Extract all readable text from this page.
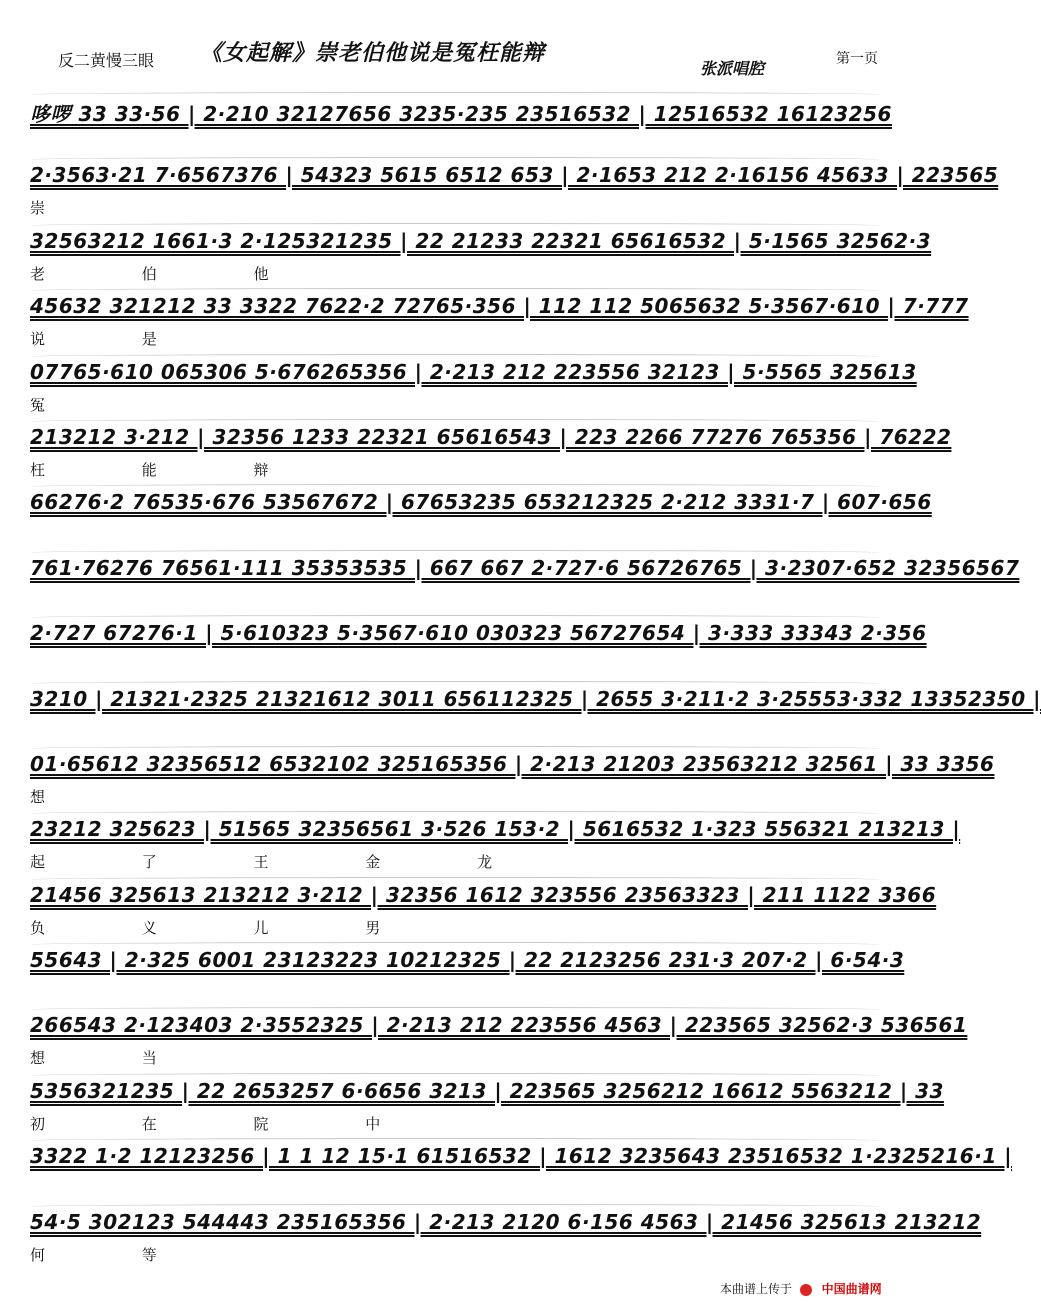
反二黄慢三眼 《女起解》崇老伯他说是冤枉能辩
张派唱腔	第一页
哆啰 33 33·56 | 2·210 32127656 3235·235 23516532 | 12516532 16123256
2·3563·21 7·6567376 | 54323 5615 6512 653 | 2·1653 212 2·16156 45633 | 223565
崇
32563212 1661·3 2·125321235 | 22 21233 22321 65616532 | 5·1565 32562·3
老 伯 他
45632 321212 33 3322 7622·2 72765·356 | 112 112 5065632 5·3567·610 | 7·777
说 是
07765·610 065306 5·676265356 | 2·213 212 223556 32123 | 5·5565 325613
冤
213212 3·212 | 32356 1233 22321 65616543 | 223 2266 77276 765356 | 76222
枉 能 辩
66276·2 76535·676 53567672 | 67653235 653212325 2·212 3331·7 | 607·656
761·76276 76561·111 35353535 | 667 667 2·727·6 56726765 | 3·2307·652 32356567
2·727 67276·1 | 5·610323 5·3567·610 030323 56727654 | 3·333 33343 2·356
3210 | 21321·2325 21321612 3011 656112325 | 2655 3·211·2 3·25553·332 13352350 |
01·65612 32356512 6532102 325165356 | 2·213 21203 23563212 32561 | 33 3356
想
23212 325623 | 51565 32356561 3·526 153·2 | 5616532 1·323 556321 213213 |
起 了 王 金 龙
21456 325613 213212 3·212 | 32356 1612 323556 23563323 | 211 1122 3366
负 义 儿 男
55643 | 2·325 6001 23123223 10212325 | 22 2123256 231·3 207·2 | 6·54·3
266543 2·123403 2·3552325 | 2·213 212 223556 4563 | 223565 32562·3 536561
想 当
5356321235 | 22 2653257 6·6656 3213 | 223565 3256212 16612 5563212 | 33
初 在 院 中
3322 1·2 12123256 | 1 1 12 15·1 61516532 | 1612 3235643 23516532 1·2325216·1 |
54·5 302123 544443 235165356 | 2·213 2120 6·156 4563 | 21456 325613 213212
何 等
本曲谱上传于 中国曲谱网
